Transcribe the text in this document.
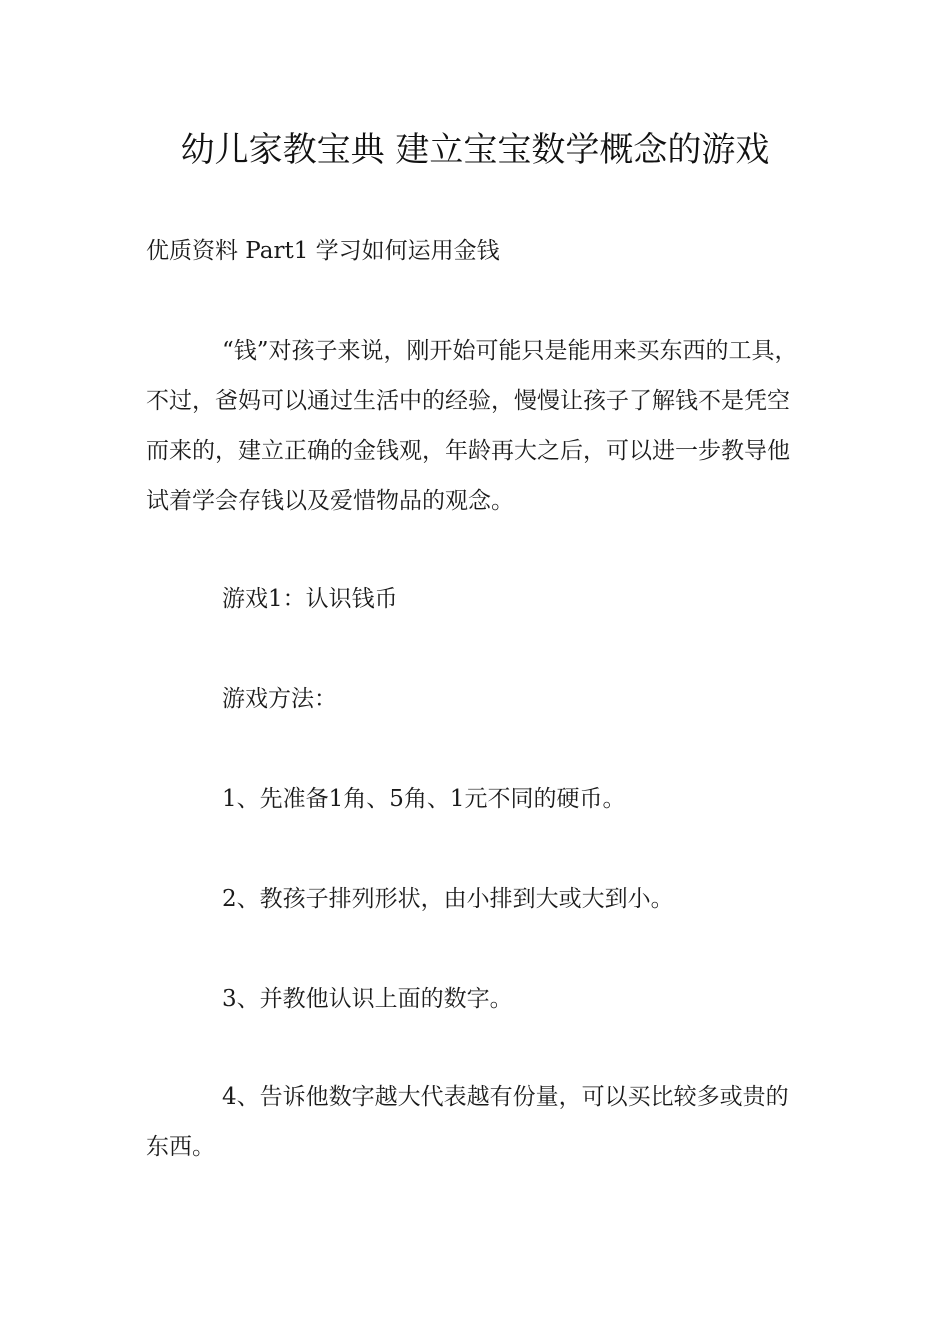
幼儿家教宝典 建立宝宝数学概念的游戏

优质资料 Part1 学习如何运用金钱

“钱”对孩子来说，刚开始可能只是能用来买东西的工具，不过，爸妈可以通过生活中的经验，慢慢让孩子了解钱不是凭空而来的，建立正确的金钱观，年龄再大之后，可以进一步教导他试着学会存钱以及爱惜物品的观念。

游戏1：认识钱币

游戏方法：

1、先准备1角、5角、1元不同的硬币。

2、教孩子排列形状，由小排到大或大到小。

3、并教他认识上面的数字。

4、告诉他数字越大代表越有份量，可以买比较多或贵的东西。
